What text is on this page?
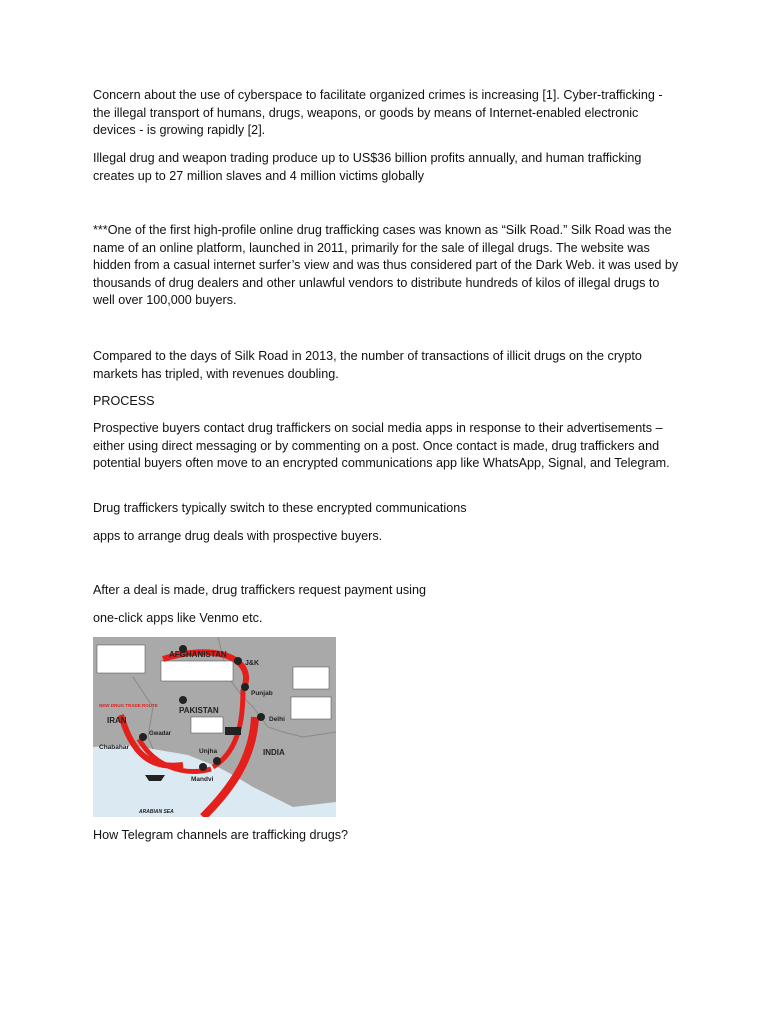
Concern about the use of cyberspace to facilitate organized crimes is increasing [1]. Cyber-trafficking - the illegal transport of humans, drugs, weapons, or goods by means of Internet-enabled electronic devices - is growing rapidly [2].

Illegal drug and weapon trading produce up to US$36 billion profits annually, and human trafficking creates up to 27 million slaves and 4 million victims globally

***One of the first high-profile online drug trafficking cases was known as “Silk Road.” Silk Road was the name of an online platform, launched in 2011, primarily for the sale of illegal drugs. The website was hidden from a casual internet surfer’s view and was thus considered part of the Dark Web. it was used by thousands of drug dealers and other unlawful vendors to distribute hundreds of kilos of illegal drugs to well over 100,000 buyers.

Compared to the days of Silk Road in 2013, the number of transactions of illicit drugs on the crypto markets has tripled, with revenues doubling.

PROCESS

Prospective buyers contact drug traffickers on social media apps in response to their advertisements – either using direct messaging or by commenting on a post. Once contact is made, drug traffickers and potential buyers often move to an encrypted communications app like WhatsApp, Signal, and Telegram.

Drug traffickers typically switch to these encrypted communications

apps to arrange drug deals with prospective buyers.

After a deal is made, drug traffickers request payment using

one-click apps like Venmo etc.

AFGHANISTAN
J&K
Punjab
PAKISTAN
Delhi
IRAN
Gwadar
Chabahar
Unjha	INDIA
Mandvi
ARABIAN SEA
NEW DRUG TRADE ROUTE

How Telegram channels are trafficking drugs?
